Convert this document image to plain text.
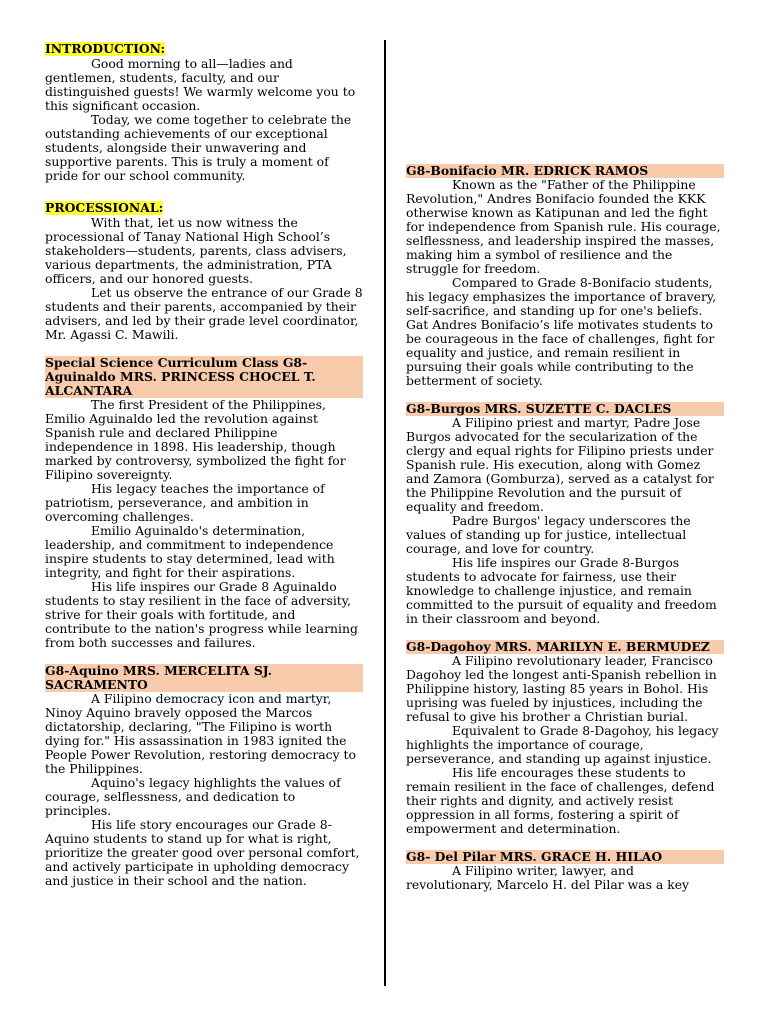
INTRODUCTION:

Good morning to all—ladies and gentlemen, students, faculty, and our distinguished guests! We warmly welcome you to this significant occasion.

Today, we come together to celebrate the outstanding achievements of our exceptional students, alongside their unwavering and supportive parents. This is truly a moment of pride for our school community.

PROCESSIONAL:

With that, let us now witness the processional of Tanay National High School’s stakeholders—students, parents, class advisers, various departments, the administration, PTA officers, and our honored guests.

Let us observe the entrance of our Grade 8 students and their parents, accompanied by their advisers, and led by their grade level coordinator, Mr. Agassi C. Mawili.

Special Science Curriculum Class G8-Aguinaldo MRS. PRINCESS CHOCEL T. ALCANTARA

The first President of the Philippines, Emilio Aguinaldo led the revolution against Spanish rule and declared Philippine independence in 1898. His leadership, though marked by controversy, symbolized the fight for Filipino sovereignty.

His legacy teaches the importance of patriotism, perseverance, and ambition in overcoming challenges.

Emilio Aguinaldo's determination, leadership, and commitment to independence inspire students to stay determined, lead with integrity, and fight for their aspirations.

His life inspires our Grade 8 Aguinaldo students to stay resilient in the face of adversity, strive for their goals with fortitude, and contribute to the nation's progress while learning from both successes and failures.

G8-Aquino MRS. MERCELITA SJ. SACRAMENTO

A Filipino democracy icon and martyr, Ninoy Aquino bravely opposed the Marcos dictatorship, declaring, "The Filipino is worth dying for." His assassination in 1983 ignited the People Power Revolution, restoring democracy to the Philippines.

Aquino's legacy highlights the values of courage, selflessness, and dedication to principles.

His life story encourages our Grade 8-Aquino students to stand up for what is right, prioritize the greater good over personal comfort, and actively participate in upholding democracy and justice in their school and the nation.

G8-Bonifacio MR. EDRICK RAMOS

Known as the "Father of the Philippine Revolution," Andres Bonifacio founded the KKK otherwise known as Katipunan and led the fight for independence from Spanish rule. His courage, selflessness, and leadership inspired the masses, making him a symbol of resilience and the struggle for freedom.

Compared to Grade 8-Bonifacio students, his legacy emphasizes the importance of bravery, self-sacrifice, and standing up for one's beliefs. Gat Andres Bonifacio’s life motivates students to be courageous in the face of challenges, fight for equality and justice, and remain resilient in pursuing their goals while contributing to the betterment of society.

G8-Burgos MRS. SUZETTE C. DACLES

A Filipino priest and martyr, Padre Jose Burgos advocated for the secularization of the clergy and equal rights for Filipino priests under Spanish rule. His execution, along with Gomez and Zamora (Gomburza), served as a catalyst for the Philippine Revolution and the pursuit of equality and freedom.

Padre Burgos' legacy underscores the values of standing up for justice, intellectual courage, and love for country.

His life inspires our Grade 8-Burgos students to advocate for fairness, use their knowledge to challenge injustice, and remain committed to the pursuit of equality and freedom in their classroom and beyond.

G8-Dagohoy MRS. MARILYN E. BERMUDEZ

A Filipino revolutionary leader, Francisco Dagohoy led the longest anti-Spanish rebellion in Philippine history, lasting 85 years in Bohol. His uprising was fueled by injustices, including the refusal to give his brother a Christian burial.

Equivalent to Grade 8-Dagohoy, his legacy highlights the importance of courage, perseverance, and standing up against injustice.

His life encourages these students to remain resilient in the face of challenges, defend their rights and dignity, and actively resist oppression in all forms, fostering a spirit of empowerment and determination.

G8- Del Pilar MRS. GRACE H. HILAO

A Filipino writer, lawyer, and revolutionary, Marcelo H. del Pilar was a key
